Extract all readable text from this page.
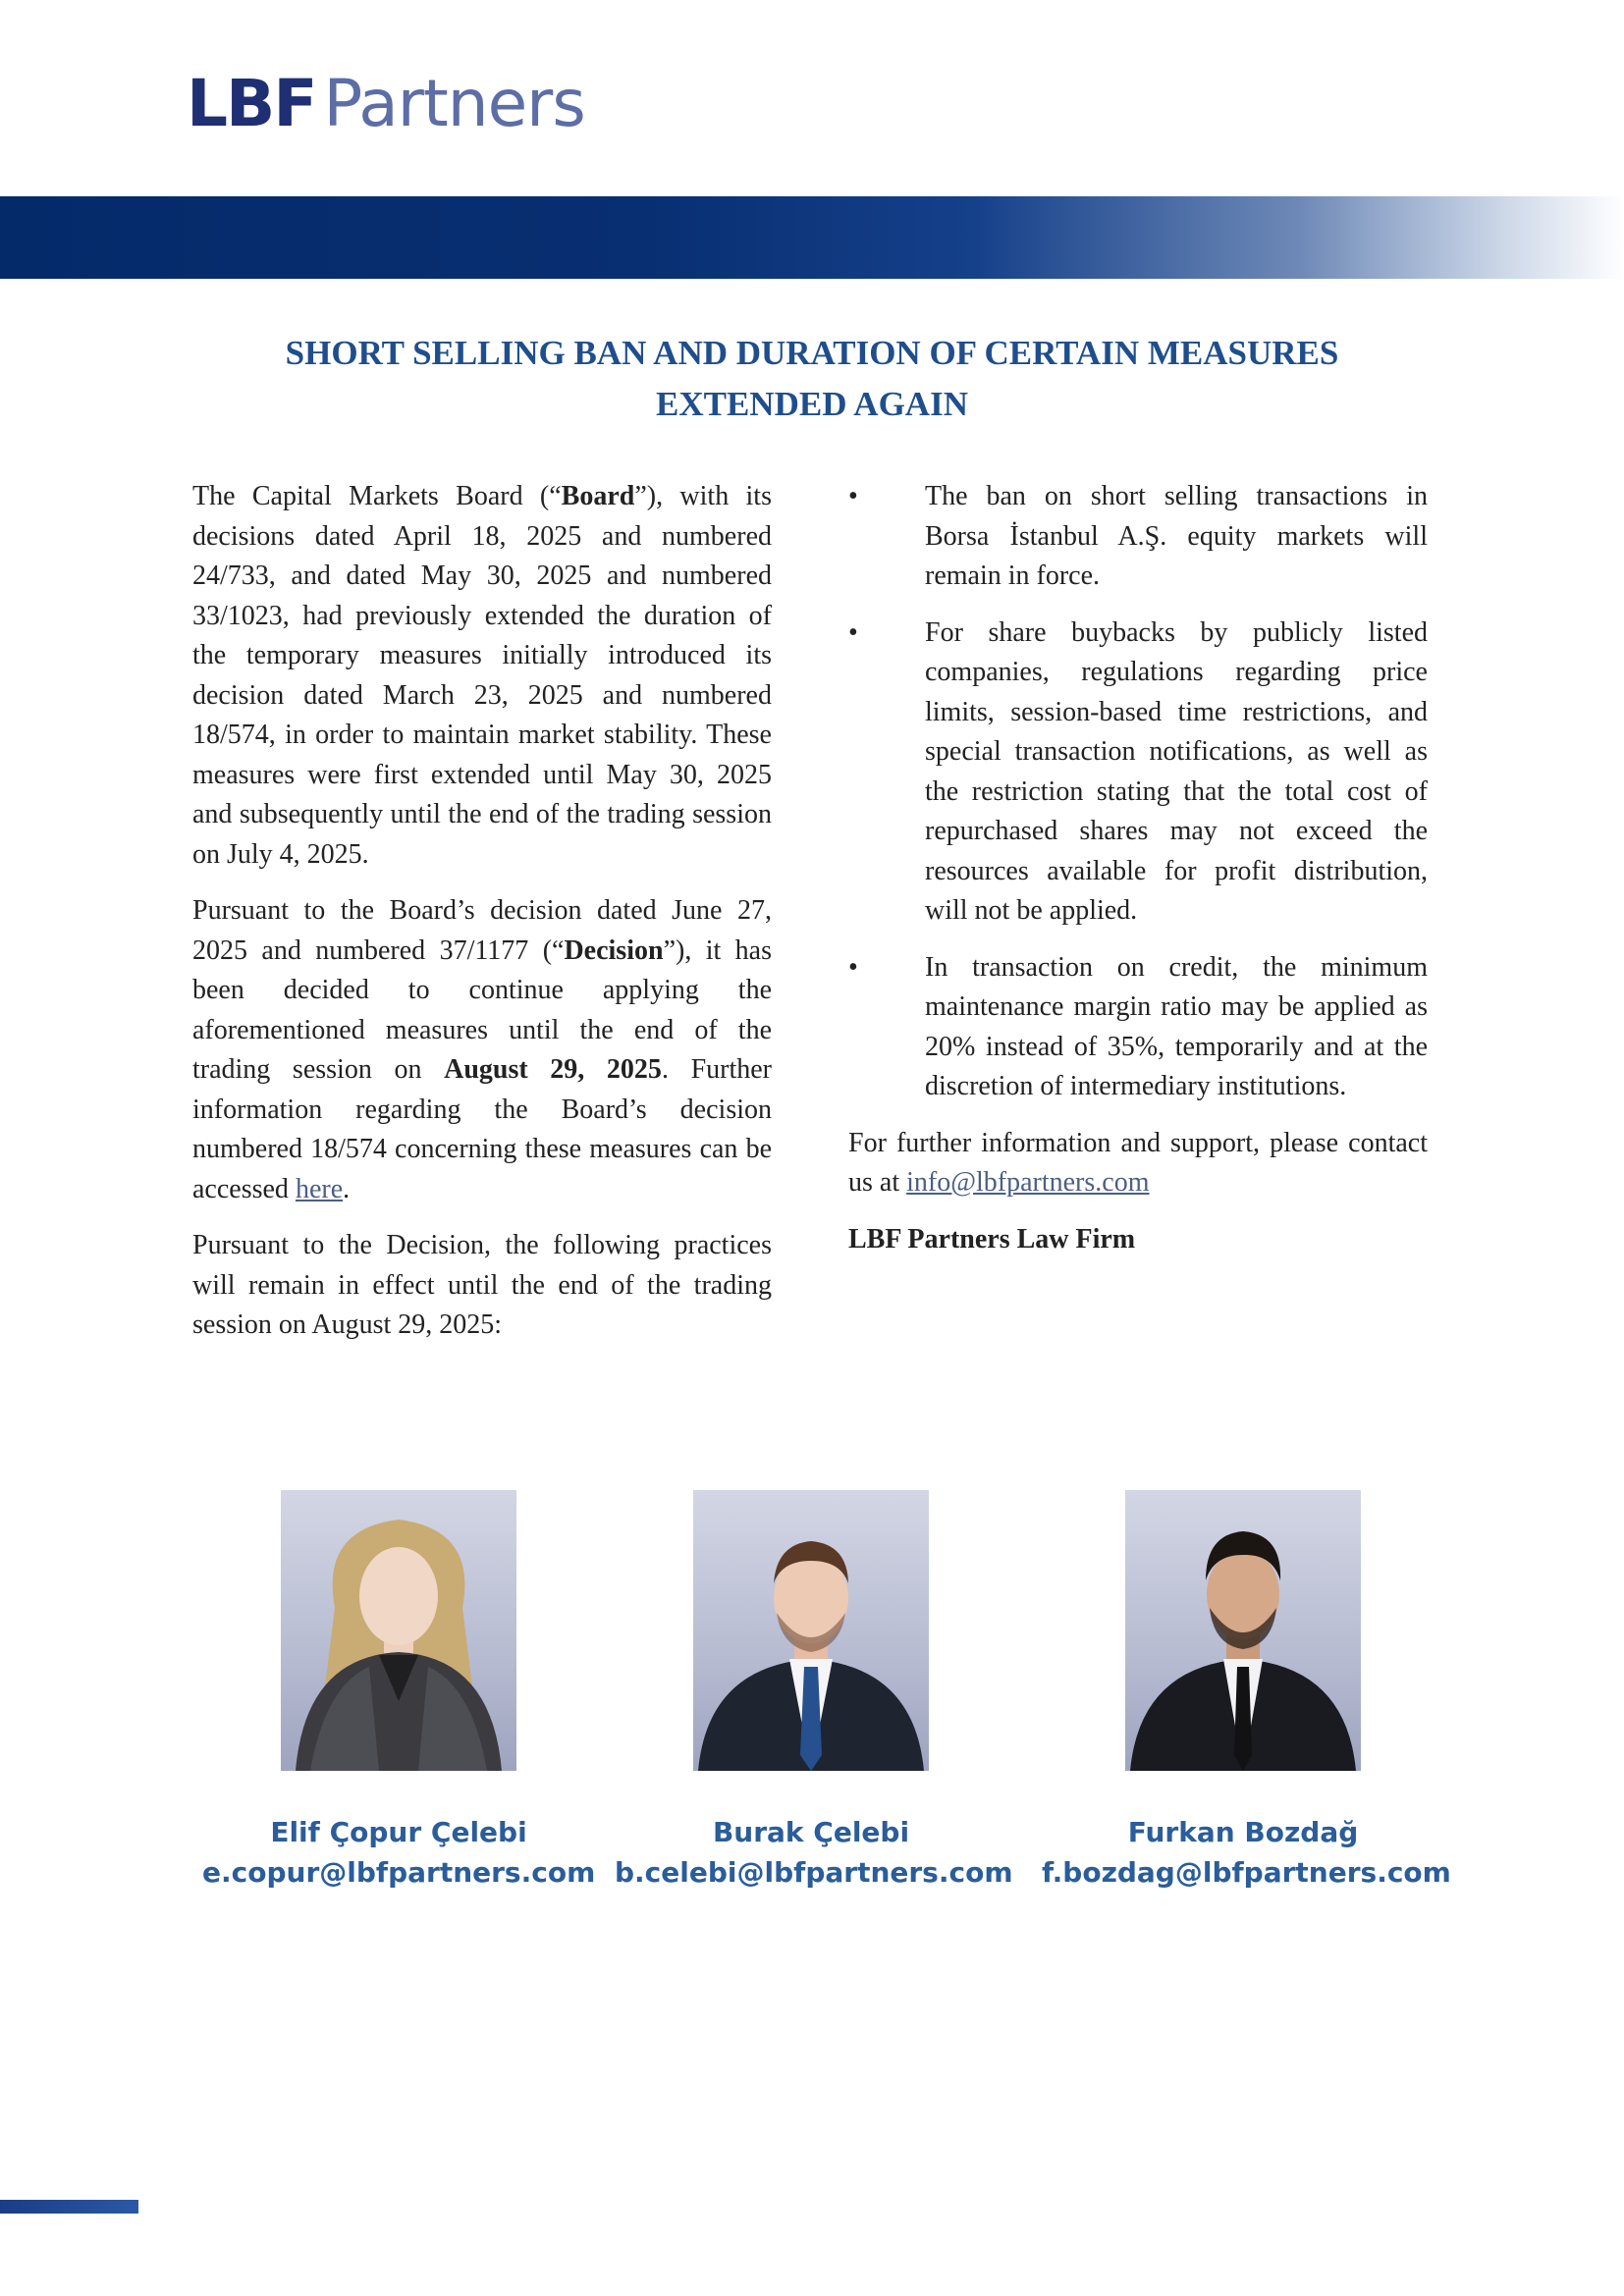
LBF Partners
SHORT SELLING BAN AND DURATION OF CERTAIN MEASURES
EXTENDED AGAIN

The Capital Markets Board (“Board”), with its decisions dated April 18, 2025 and numbered 24/733, and dated May 30, 2025 and numbered 33/1023, had previously extended the duration of the temporary measures initially introduced its decision dated March 23, 2025 and numbered 18/574, in order to maintain market stability. These measures were first extended until May 30, 2025 and subsequently until the end of the trading session on July 4, 2025.

Pursuant to the Board’s decision dated June 27, 2025 and numbered 37/1177 (“Decision”), it has been decided to continue applying the aforementioned measures until the end of the trading session on August 29, 2025. Further information regarding the Board’s decision numbered 18/574 concerning these measures can be accessed here.

Pursuant to the Decision, the following practices will remain in effect until the end of the trading session on August 29, 2025:

• The ban on short selling transactions in Borsa İstanbul A.Ş. equity markets will remain in force.
• For share buybacks by publicly listed companies, regulations regarding price limits, session-based time restrictions, and special transaction notifications, as well as the restriction stating that the total cost of repurchased shares may not exceed the resources available for profit distribution, will not be applied.
• In transaction on credit, the minimum maintenance margin ratio may be applied as 20% instead of 35%, temporarily and at the discretion of intermediary institutions.

For further information and support, please contact us at info@lbfpartners.com

LBF Partners Law Firm

Elif Çopur Çelebi
e.copur@lbfpartners.com
Burak Çelebi
b.celebi@lbfpartners.com
Furkan Bozdağ
f.bozdag@lbfpartners.com
